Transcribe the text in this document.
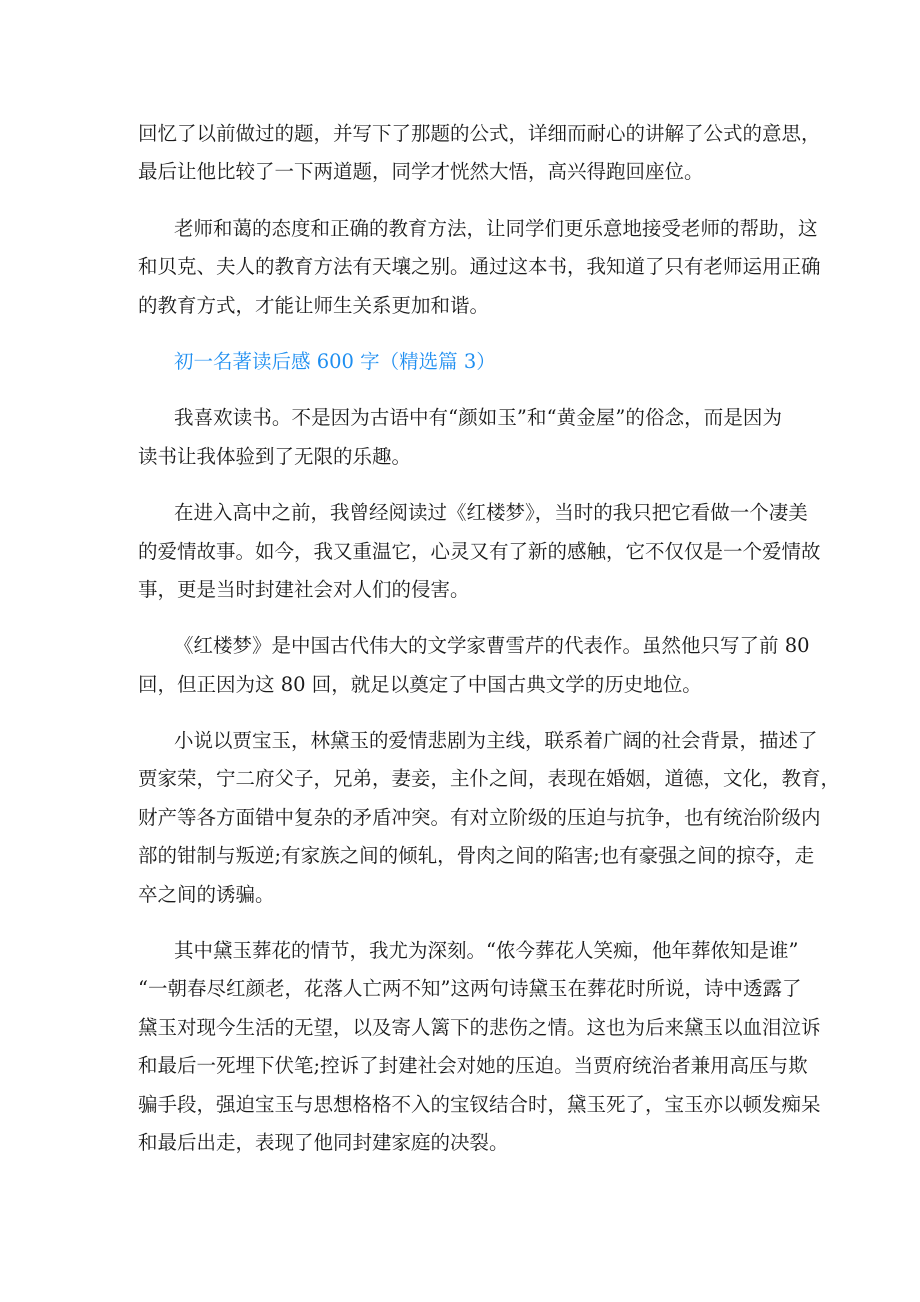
回忆了以前做过的题，并写下了那题的公式，详细而耐心的讲解了公式的意思，
最后让他比较了一下两道题，同学才恍然大悟，高兴得跑回座位。
老师和蔼的态度和正确的教育方法，让同学们更乐意地接受老师的帮助，这
和贝克、夫人的教育方法有天壤之别。通过这本书，我知道了只有老师运用正确
的教育方式，才能让师生关系更加和谐。
初一名著读后感 600 字（精选篇 3）
我喜欢读书。不是因为古语中有“颜如玉”和“黄金屋”的俗念，而是因为
读书让我体验到了无限的乐趣。
在进入高中之前，我曾经阅读过《红楼梦》，当时的我只把它看做一个凄美
的爱情故事。如今，我又重温它，心灵又有了新的感触，它不仅仅是一个爱情故
事，更是当时封建社会对人们的侵害。
《红楼梦》是中国古代伟大的文学家曹雪芹的代表作。虽然他只写了前 80
回，但正因为这 80 回，就足以奠定了中国古典文学的历史地位。
小说以贾宝玉，林黛玉的爱情悲剧为主线，联系着广阔的社会背景，描述了
贾家荣，宁二府父子，兄弟，妻妾，主仆之间，表现在婚姻，道德，文化，教育，
财产等各方面错中复杂的矛盾冲突。有对立阶级的压迫与抗争，也有统治阶级内
部的钳制与叛逆;有家族之间的倾轧，骨肉之间的陷害;也有豪强之间的掠夺，走
卒之间的诱骗。
其中黛玉葬花的情节，我尤为深刻。“侬今葬花人笑痴，他年葬侬知是谁”
“一朝春尽红颜老，花落人亡两不知”这两句诗黛玉在葬花时所说，诗中透露了
黛玉对现今生活的无望，以及寄人篱下的悲伤之情。这也为后来黛玉以血泪泣诉
和最后一死埋下伏笔;控诉了封建社会对她的压迫。当贾府统治者兼用高压与欺
骗手段，强迫宝玉与思想格格不入的宝钗结合时，黛玉死了，宝玉亦以顿发痴呆
和最后出走，表现了他同封建家庭的决裂。
